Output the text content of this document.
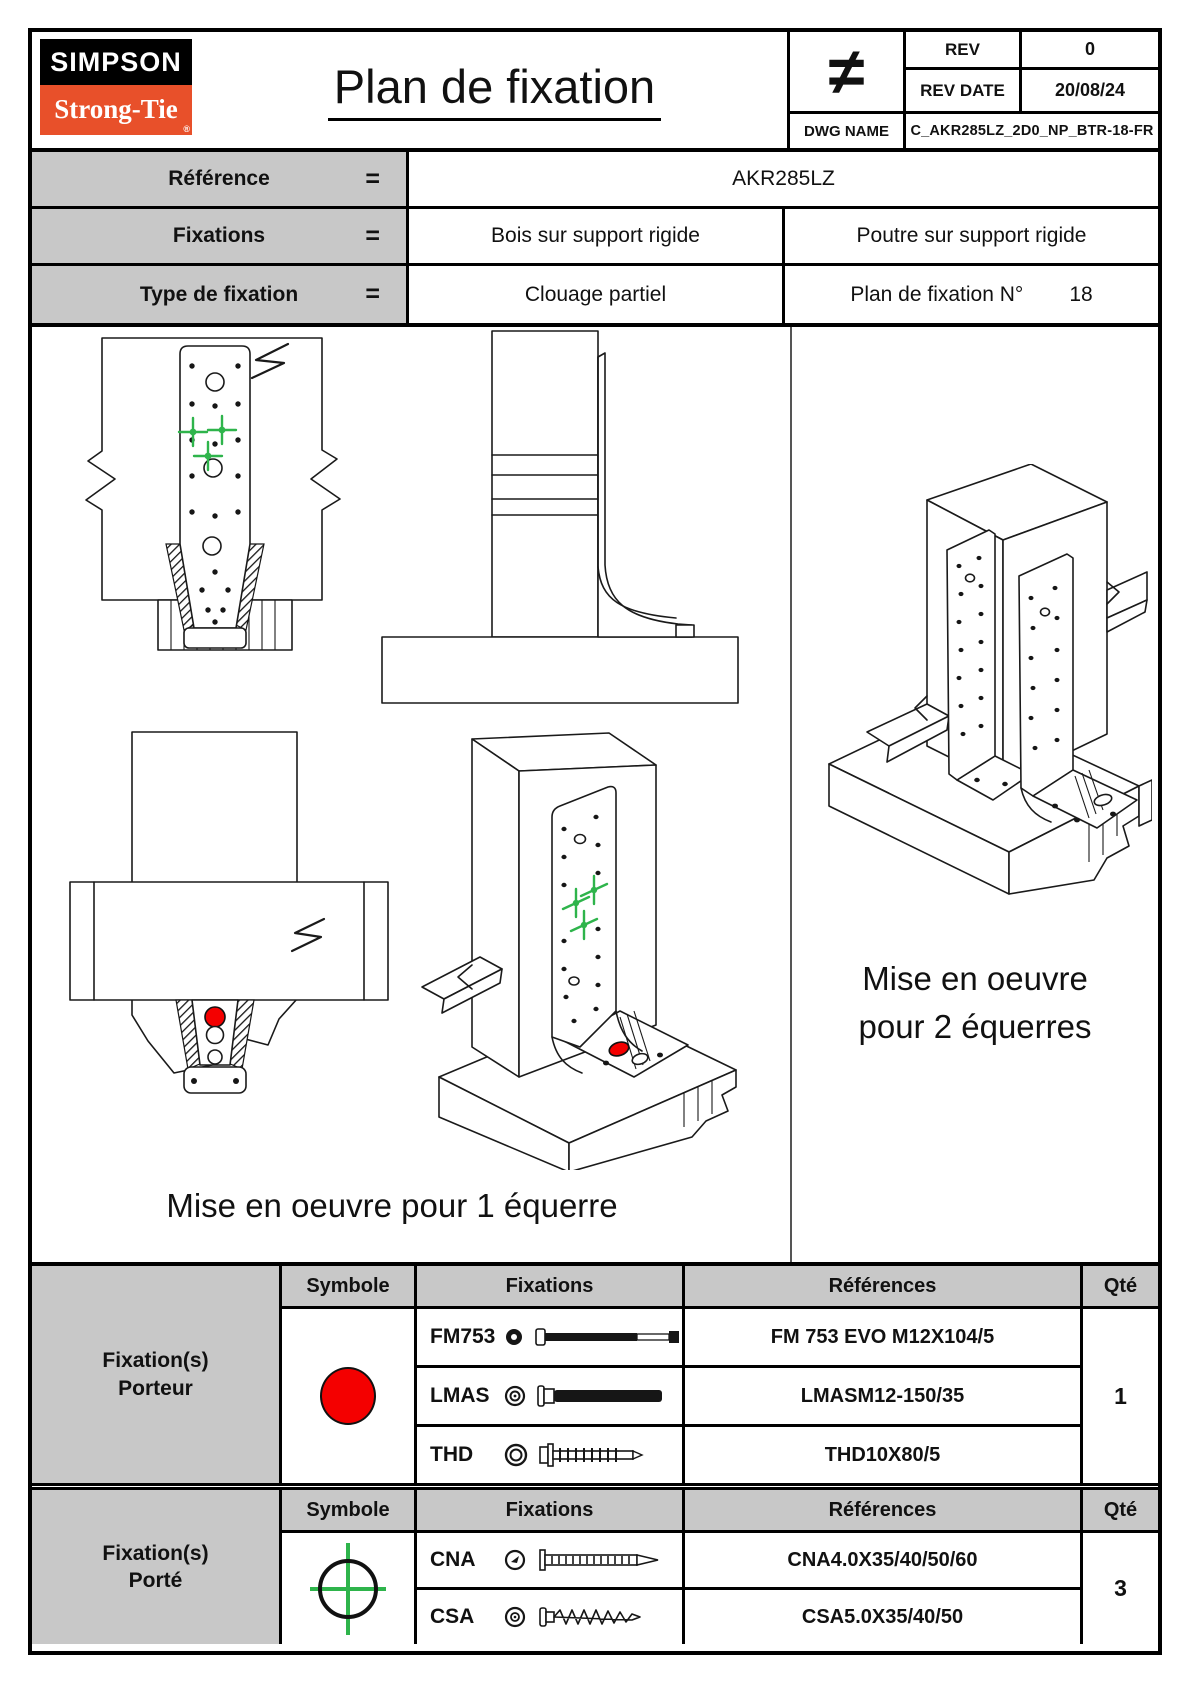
SIMPSON
Strong-Tie
®
Plan de fixation	≠	REV	0
REV DATE	20/08/24
DWG NAME	C_AKR285LZ_2D0_NP_BTR-18-FR
Référence	=	AKR285LZ
Fixations	=	Bois sur support rigide	Poutre sur support rigide
Type de fixation	=	Clouage partiel	Plan de fixation N° 18
Mise en oeuvre pour 1 équerre
Mise en oeuvre
pour 2 équerres
Fixation(s)
Porteur
Symbole	Fixations	Références	Qté
FM753	FM 753 EVO M12X104/5
LMAS	LMASM12-150/35
THD	THD10X80/5
1
Fixation(s)
Porté
Symbole	Fixations	Références	Qté
CNA	CNA4.0X35/40/50/60
CSA	CSA5.0X35/40/50
3
